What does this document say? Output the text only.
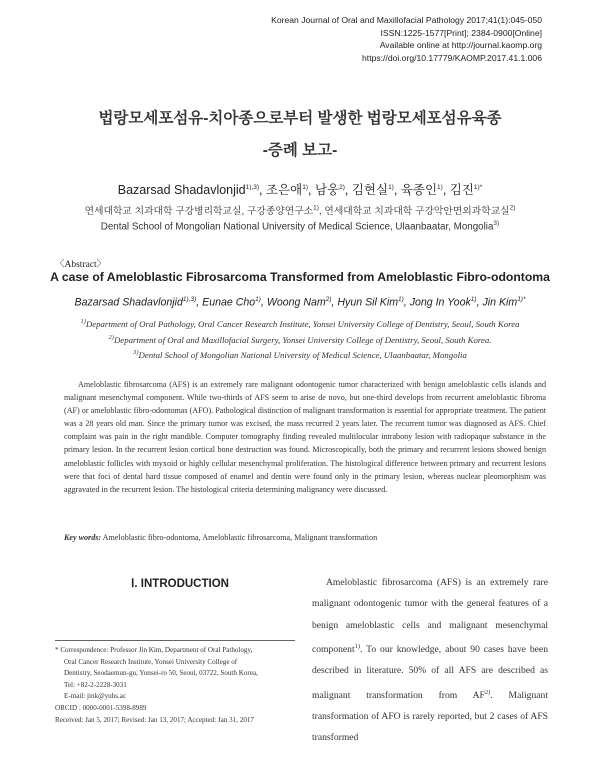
Korean Journal of Oral and Maxillofacial Pathology 2017;41(1):045-050
ISSN:1225-1577[Print]; 2384-0900[Online]
Available online at http://journal.kaomp.org
https://doi.org/10.17779/KAOMP.2017.41.1.006
법랑모세포섬유-치아종으로부터 발생한 법랑모세포섬유육종
-증례 보고-
Bazarsad Shadavlonjid$^{1),3)}$, 조은애$^{1)}$, 남웅$^{2)}$, 김현실$^{1)}$, 육종인$^{1)}$, 김진$^{1)*}$
연세대학교 치과대학 구강병리학교실, 구강종양연구소$^{1)}$, 연세대학교 치과대학 구강악안면외과학교실$^{2)}$
Dental School of Mongolian National University of Medical Science, Ulaanbaatar, Mongolia$^{3)}$
〈Abstract〉
A case of Ameloblastic Fibrosarcoma Transformed from Ameloblastic Fibro-odontoma
Bazarsad Shadavlonjid$^{1),3)}$, Eunae Cho$^{1)}$, Woong Nam$^{2)}$, Hyun Sil Kim$^{1)}$, Jong In Yook$^{1)}$, Jin Kim$^{1)*}$
$^{1)}$Department of Oral Pathology, Oral Cancer Research Institute, Yonsei University College of Dentistry, Seoul, South Korea
$^{2)}$Department of Oral and Maxillofacial Surgery, Yonsei University College of Dentistry, Seoul, South Korea.
$^{3)}$Dental School of Mongolian National University of Medical Science, Ulaanbaatar, Mongolia
Ameloblastic fibrosarcoma (AFS) is an extremely rare malignant odontogenic tumor characterized with benign ameloblastic cells islands and malignant mesenchymal component. While two-thirds of AFS seem to arise de novo, but one-third develops from recurrent ameloblastic fibroma (AF) or ameloblastic fibro-odontomas (AFO). Pathological distinction of malignant transformation is essential for appropriate treatment. The patient was a 28 years old man. Since the primary tumor was excised, the mass recurred 2 years later. The recurrent tumor was diagnosed as AFS. Chief complaint was pain in the right mandible. Computer tomography finding revealed multilocular intrabony lesion with radiopaque substance in the primary lesion. In the recurrent lesion cortical bone destruction was found. Microscopically, both the primary and recurrent lesions showed benign ameloblastic follicles with myxoid or highly cellular mesenchymal proliferation. The histological difference between primary and recurrent lesions were that foci of dental hard tissue composed of enamel and dentin were found only in the primary lesion, whereas nuclear pleomorphism was aggravated in the recurrent lesion. The histological criteria determining malignancy were discussed.
Key words: Ameloblastic fibro-odontoma, Ameloblastic fibrosarcoma, Malignant transformation
Ⅰ. INTRODUCTION
* Correspondence: Professor Jin Kim, Department of Oral Pathology,
Oral Cancer Research Institute, Yonsei University College of
Dentistry, Seodaemun-gu, Yonsei-ro 50, Seoul, 03722, South Korea,
Tel: +82-2-2228-3031
E-mail: jink@yuhs.ac
ORCID : 0000-0001-5398-8989
Received: Jan 5, 2017; Revised: Jan 13, 2017; Accepted: Jan 31, 2017
Ameloblastic fibrosarcoma (AFS) is an extremely rare malignant odontogenic tumor with the general features of a benign ameloblastic cells and malignant mesenchymal component$^{1)}$. To our knowledge, about 90 cases have been described in literature. 50% of all AFS are described as malignant transformation from AF$^{2)}$. Malignant transformation of AFO is rarely reported, but 2 cases of AFS transformed
